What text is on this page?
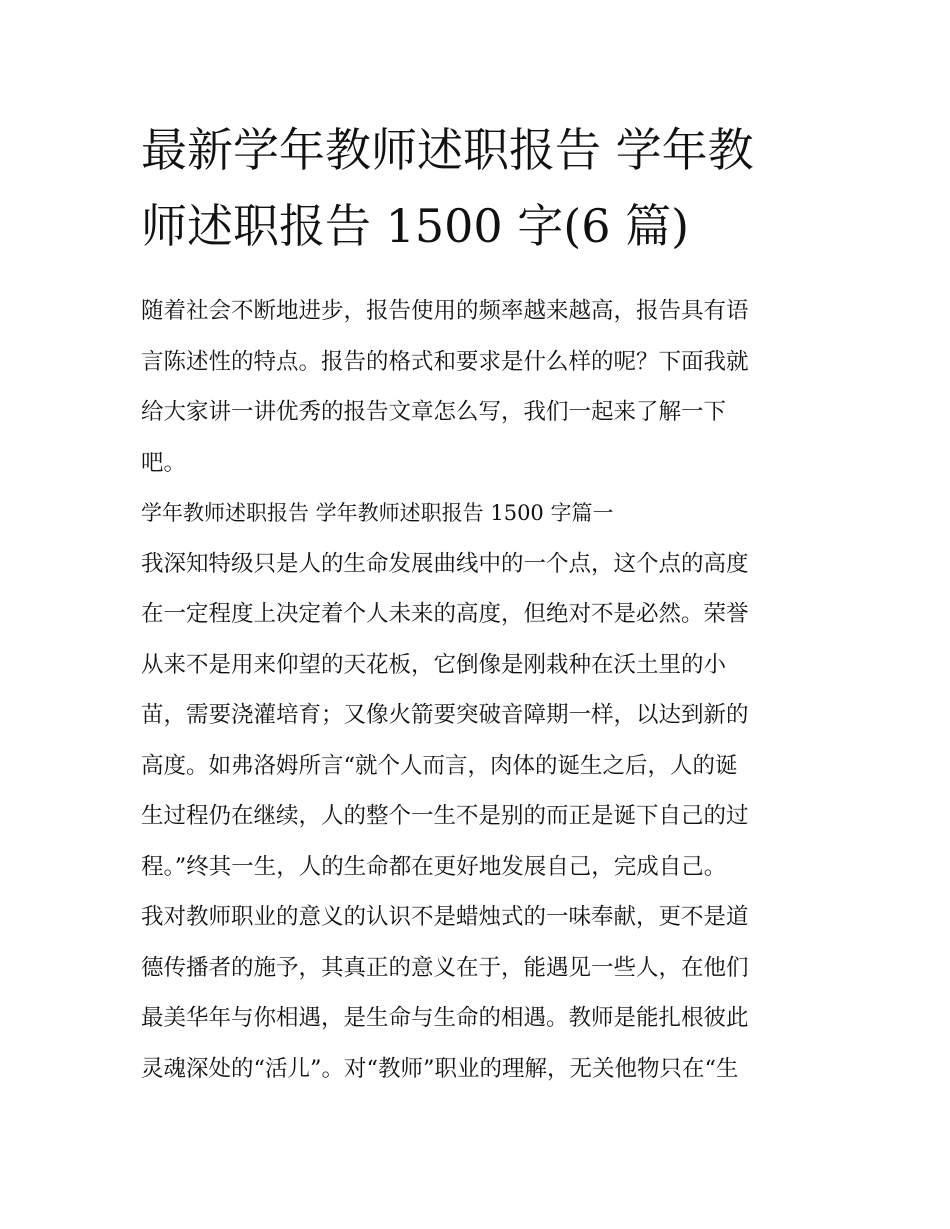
最新学年教师述职报告 学年教
师述职报告 1500 字(6 篇)

随着社会不断地进步，报告使用的频率越来越高，报告具有语

言陈述性的特点。报告的格式和要求是什么样的呢？下面我就

给大家讲一讲优秀的报告文章怎么写，我们一起来了解一下

吧。

学年教师述职报告 学年教师述职报告 1500 字篇一

我深知特级只是人的生命发展曲线中的一个点，这个点的高度

在一定程度上决定着个人未来的高度，但绝对不是必然。荣誉

从来不是用来仰望的天花板，它倒像是刚栽种在沃土里的小

苗，需要浇灌培育；又像火箭要突破音障期一样，以达到新的

高度。如弗洛姆所言“就个人而言，肉体的诞生之后，人的诞

生过程仍在继续，人的整个一生不是别的而正是诞下自己的过

程。”终其一生，人的生命都在更好地发展自己，完成自己。

我对教师职业的意义的认识不是蜡烛式的一味奉献，更不是道

德传播者的施予，其真正的意义在于，能遇见一些人，在他们

最美华年与你相遇，是生命与生命的相遇。教师是能扎根彼此

灵魂深处的“活儿”。对“教师”职业的理解，无关他物只在“生
